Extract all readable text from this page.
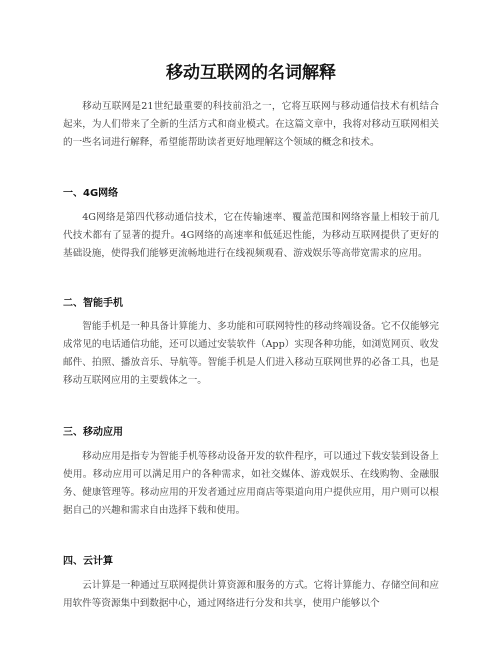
移动互联网的名词解释

移动互联网是21世纪最重要的科技前沿之一，它将互联网与移动通信技术有机结合起来，为人们带来了全新的生活方式和商业模式。在这篇文章中，我将对移动互联网相关的一些名词进行解释，希望能帮助读者更好地理解这个领域的概念和技术。

一、4G网络

4G网络是第四代移动通信技术，它在传输速率、覆盖范围和网络容量上相较于前几代技术都有了显著的提升。4G网络的高速率和低延迟性能，为移动互联网提供了更好的基础设施，使得我们能够更流畅地进行在线视频观看、游戏娱乐等高带宽需求的应用。

二、智能手机

智能手机是一种具备计算能力、多功能和可联网特性的移动终端设备。它不仅能够完成常见的电话通信功能，还可以通过安装软件（App）实现各种功能，如浏览网页、收发邮件、拍照、播放音乐、导航等。智能手机是人们进入移动互联网世界的必备工具，也是移动互联网应用的主要载体之一。

三、移动应用

移动应用是指专为智能手机等移动设备开发的软件程序，可以通过下载安装到设备上使用。移动应用可以满足用户的各种需求，如社交媒体、游戏娱乐、在线购物、金融服务、健康管理等。移动应用的开发者通过应用商店等渠道向用户提供应用，用户则可以根据自己的兴趣和需求自由选择下载和使用。

四、云计算

云计算是一种通过互联网提供计算资源和服务的方式。它将计算能力、存储空间和应用软件等资源集中到数据中心，通过网络进行分发和共享，使用户能够以个
